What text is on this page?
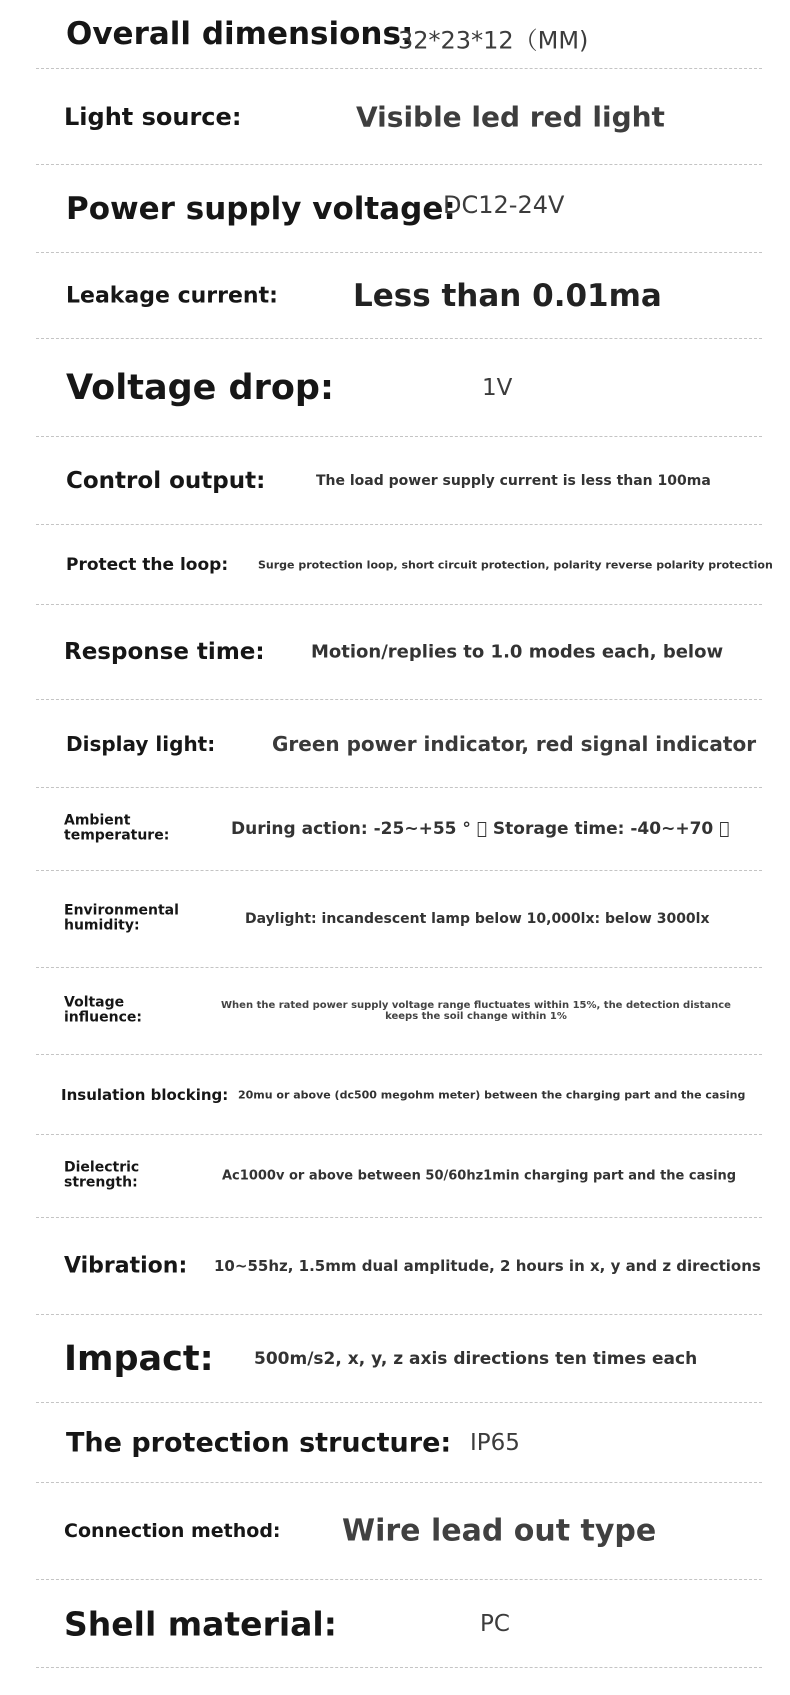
Overall dimensions:
32*23*12（MM)
Light source:	Visible led red light
Power supply voltage:
DC12-24V
Leakage current: Less than 0.01ma
Voltage drop:	1V
Control output:	The load power supply current is less than 100ma
Protect the loop:	Surge protection loop, short circuit protection, polarity reverse polarity protection
Response time:	Motion/replies to 1.0 modes each, below
Display light:	Green power indicator, red signal indicator
Ambient temperature:	During action: -25~+55 ° ⃞ Storage time: -40~+70 ⃞
Environmental humidity:	Daylight: incandescent lamp below 10,000lx: below 3000lx
Voltage influence:
When the rated power supply voltage range fluctuates within 15%, the detection distance keeps the soil change within 1%
Insulation blocking: 20mu or above (dc500 megohm meter) between the charging part and the casing
Dielectric strength:	Ac1000v or above between 50/60hz1min charging part and the casing
Vibration: 10~55hz, 1.5mm dual amplitude, 2 hours in x, y and z directions
Impact: 500m/s2, x, y, z axis directions ten times each
The protection structure: IP65
Connection method: Wire lead out type
Shell material:	PC
